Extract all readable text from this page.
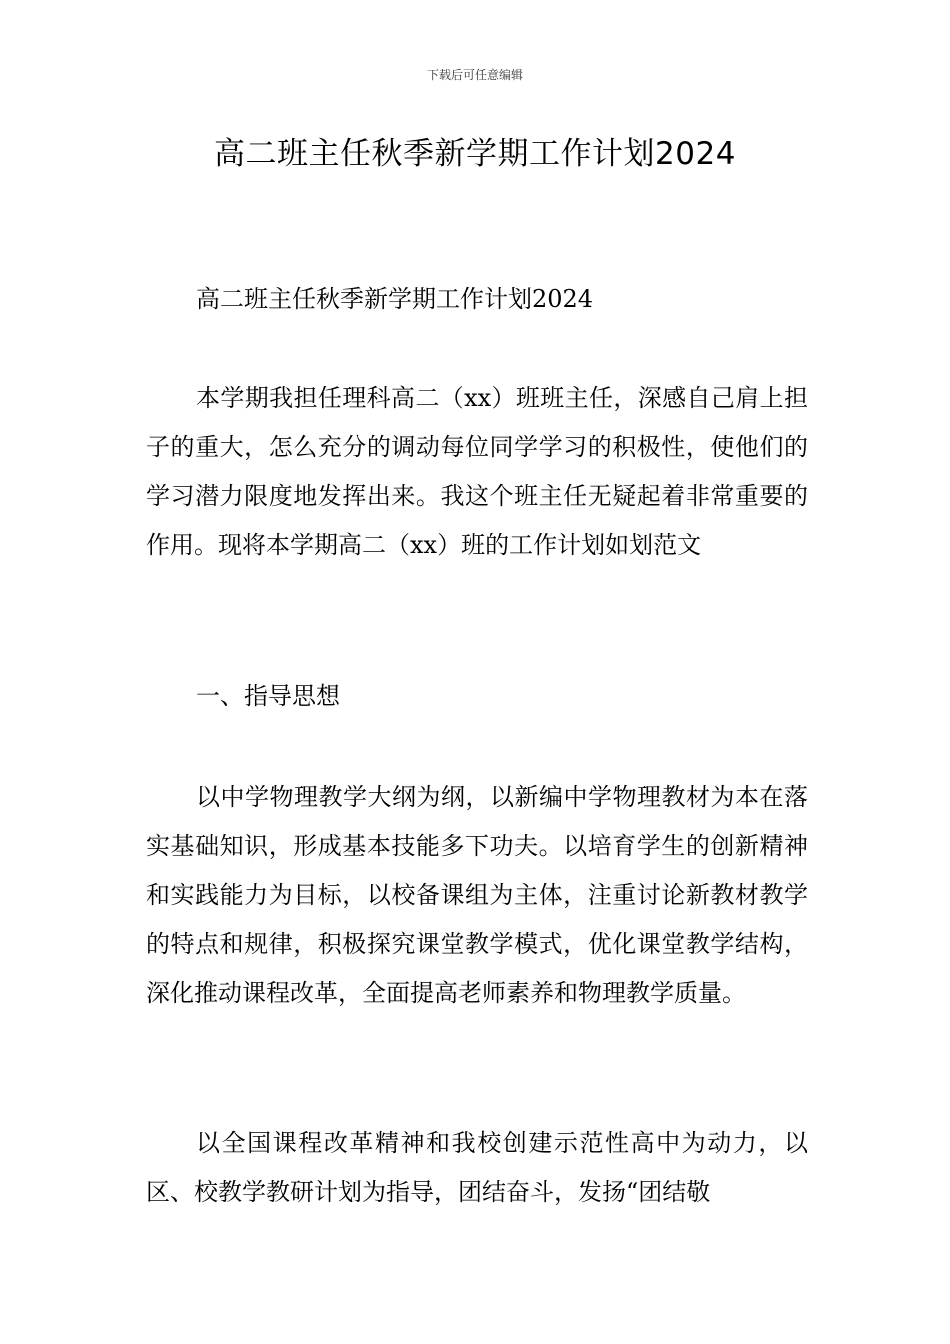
下载后可任意编辑
高二班主任秋季新学期工作计划2024

高二班主任秋季新学期工作计划2024

本学期我担任理科高二（xx）班班主任，深感自己肩上担子的重大，怎么充分的调动每位同学学习的积极性，使他们的学习潜力限度地发挥出来。我这个班主任无疑起着非常重要的作用。现将本学期高二（xx）班的工作计划如划范文

一、指导思想

以中学物理教学大纲为纲，以新编中学物理教材为本在落实基础知识，形成基本技能多下功夫。以培育学生的创新精神和实践能力为目标，以校备课组为主体，注重讨论新教材教学的特点和规律，积极探究课堂教学模式，优化课堂教学结构，深化推动课程改革，全面提高老师素养和物理教学质量。

以全国课程改革精神和我校创建示范性高中为动力，以区、校教学教研计划为指导，团结奋斗，发扬“团结敬
